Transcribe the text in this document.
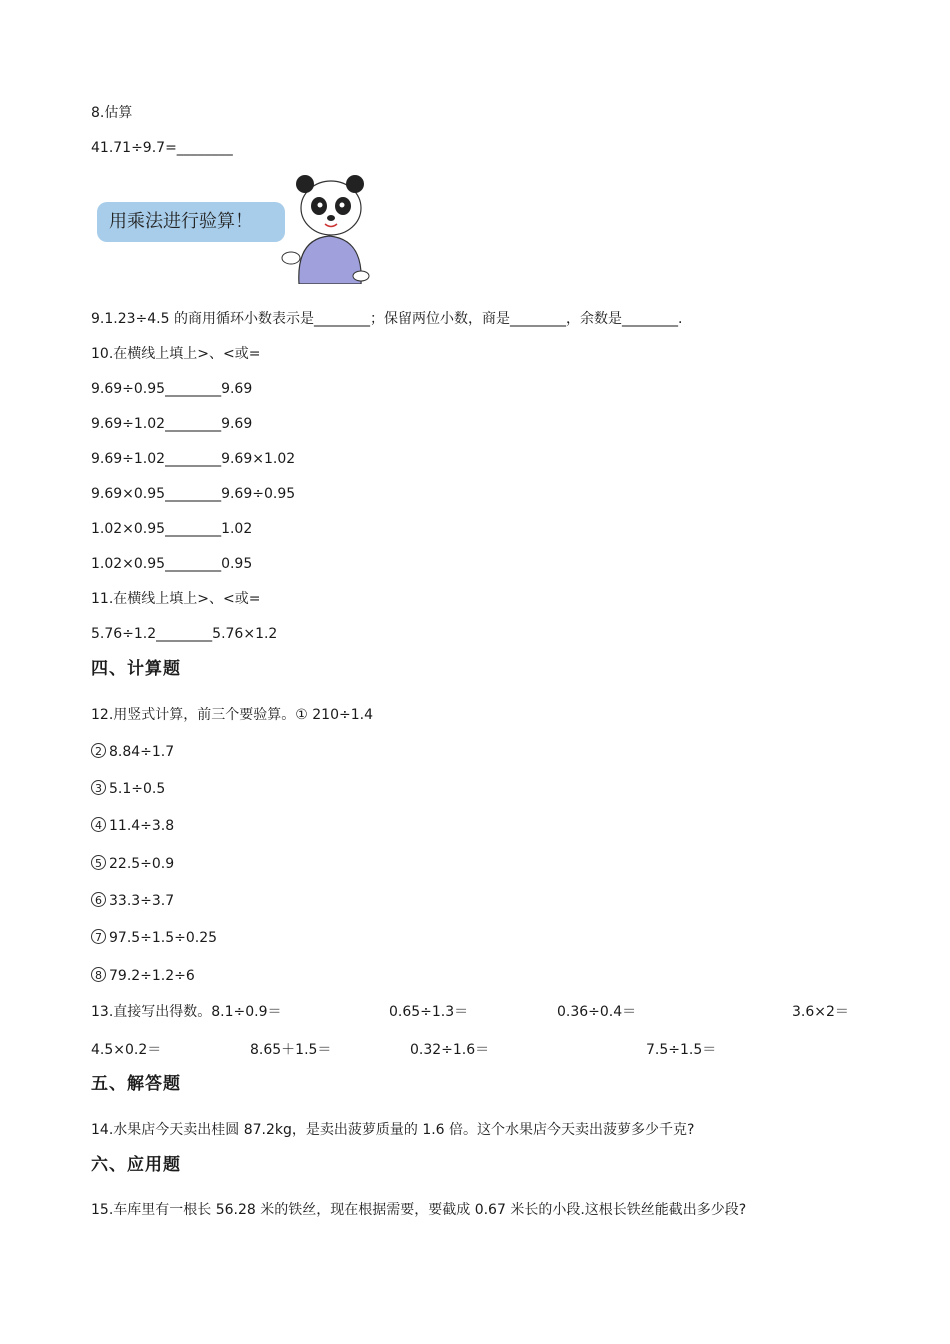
8.估算
41.71÷9.7=________
用乘法进行验算！
9.1.23÷4.5 的商用循环小数表示是________；保留两位小数，商是________，余数是________.
10.在横线上填上>、<或=
9.69÷0.95________9.69
9.69÷1.02________9.69
9.69÷1.02________9.69×1.02
9.69×0.95________9.69÷0.95
1.02×0.95________1.02
1.02×0.95________0.95
11.在横线上填上>、<或=
5.76÷1.2________5.76×1.2
四、计算题
12.用竖式计算，前三个要验算。① 210÷1.4
2 8.84÷1.7
3 5.1÷0.5
4 11.4÷3.8
5 22.5÷0.9
6 33.3÷3.7
7 97.5÷1.5÷0.25
8 79.2÷1.2÷6
13.直接写出得数。8.1÷0.9＝	0.65÷1.3＝	0.36÷0.4＝	3.6×2＝
4.5×0.2＝	8.65＋1.5＝	0.32÷1.6＝	7.5÷1.5＝
五、解答题
14.水果店今天卖出桂圆 87.2kg，是卖出菠萝质量的 1.6 倍。这个水果店今天卖出菠萝多少千克?
六、应用题
15.车库里有一根长 56.28 米的铁丝，现在根据需要，要截成 0.67 米长的小段.这根长铁丝能截出多少段?
